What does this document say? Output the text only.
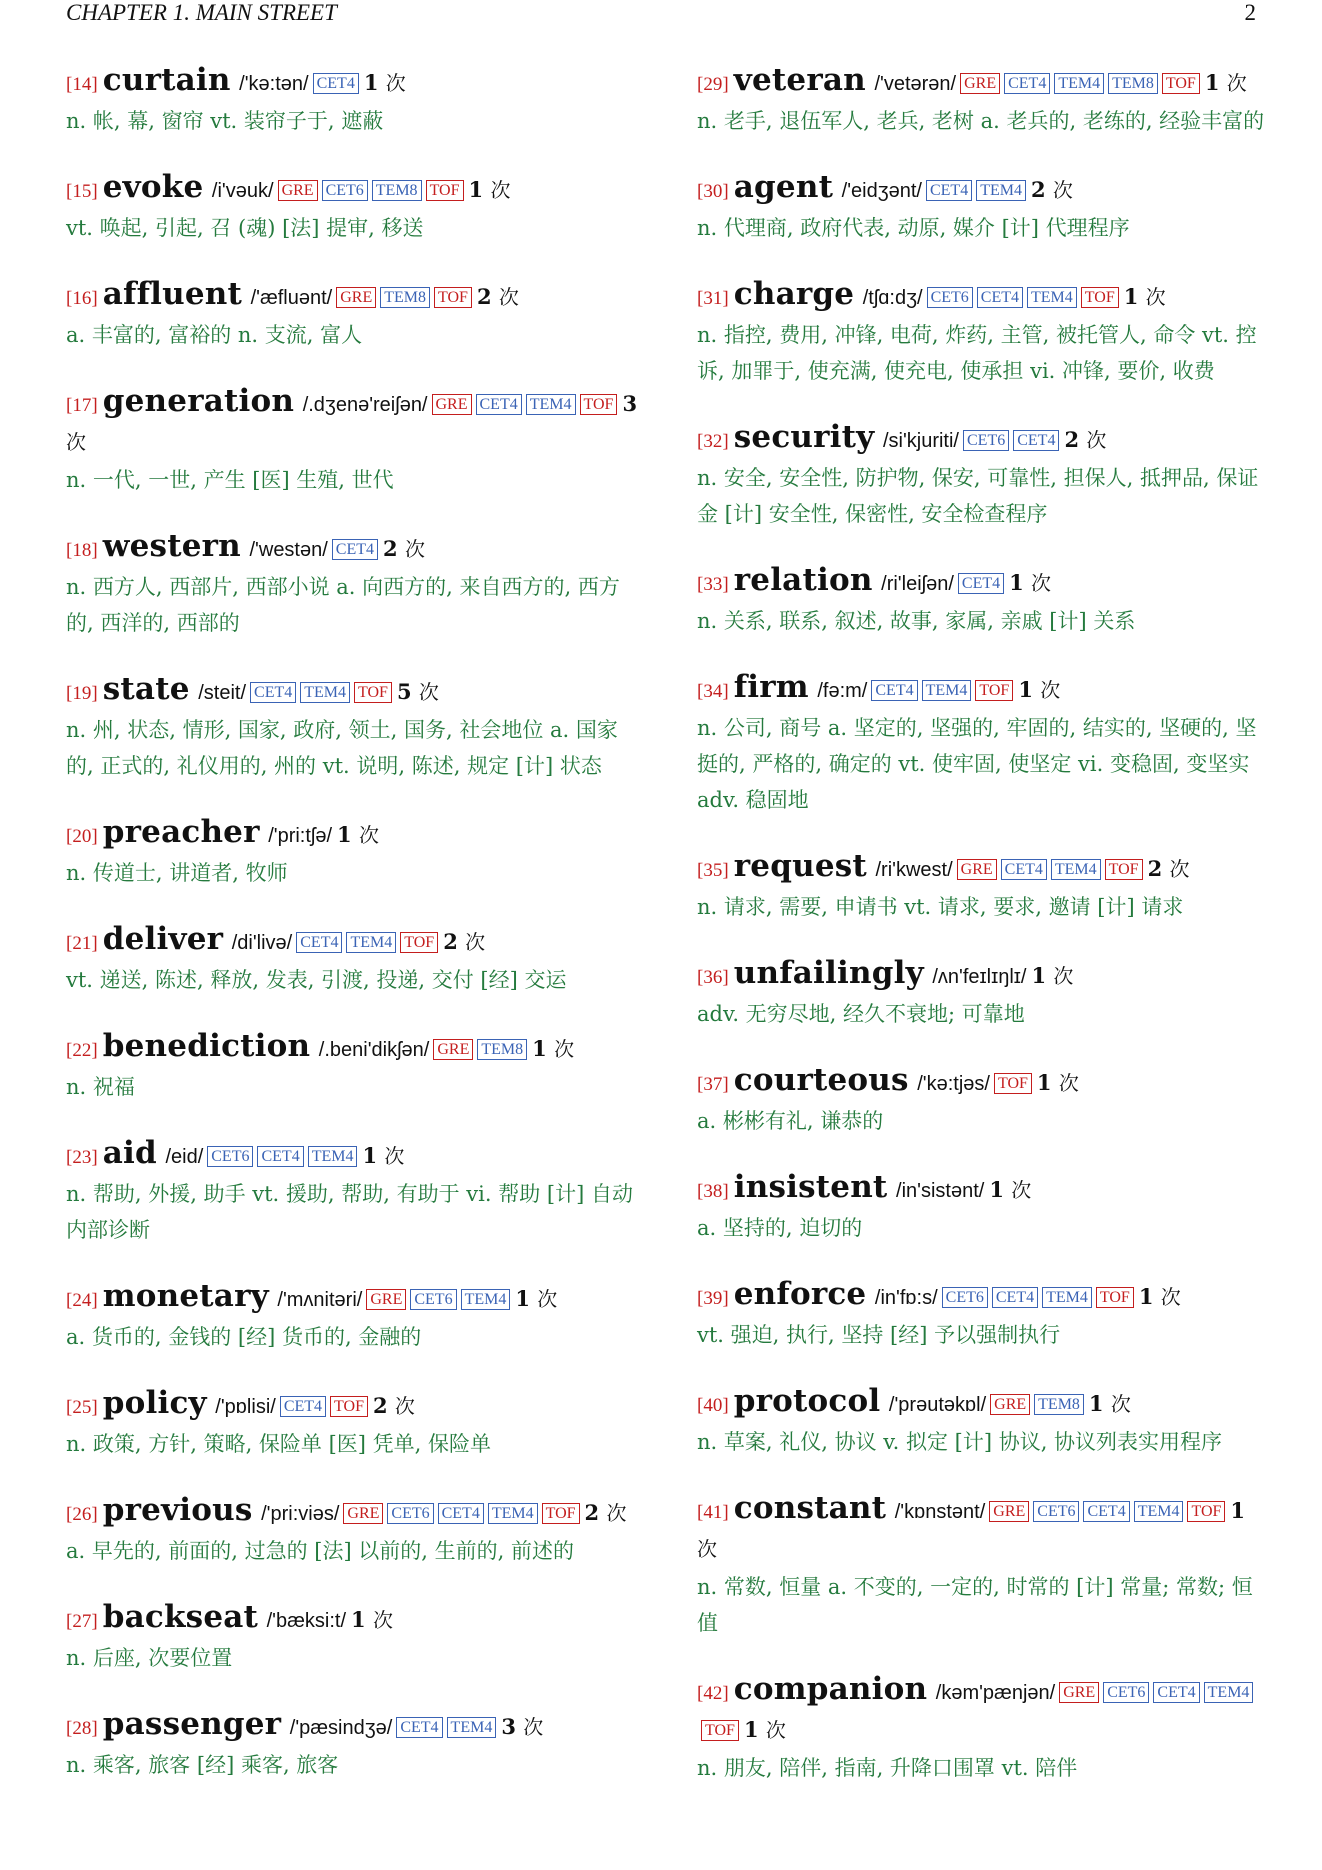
CHAPTER 1. MAIN STREET	2
[14] curtain /'kə:tən/ CET4 1 次
n. 帐, 幕, 窗帘 vt. 装帘子于, 遮蔽
[15] evoke /i'vəuk/ GRE CET6 TEM8 TOF 1 次
vt. 唤起, 引起, 召 (魂) [法] 提审, 移送
[16] affluent /'æfluənt/ GRE TEM8 TOF 2 次
a. 丰富的, 富裕的 n. 支流, 富人
[17] generation /.dʒenə'reiʃən/ GRE CET4 TEM4 TOF 3 次
n. 一代, 一世, 产生 [医] 生殖, 世代
[18] western /'westən/ CET4 2 次
n. 西方人, 西部片, 西部小说 a. 向西方的, 来自西方的, 西方的, 西洋的, 西部的
[19] state /steit/ CET4 TEM4 TOF 5 次
n. 州, 状态, 情形, 国家, 政府, 领土, 国务, 社会地位 a. 国家的, 正式的, 礼仪用的, 州的 vt. 说明, 陈述, 规定 [计] 状态
[20] preacher /'pri:tʃə/ 1 次
n. 传道士, 讲道者, 牧师
[21] deliver /di'livə/ CET4 TEM4 TOF 2 次
vt. 递送, 陈述, 释放, 发表, 引渡, 投递, 交付 [经] 交运
[22] benediction /.beni'dikʃən/ GRE TEM8 1 次
n. 祝福
[23] aid /eid/ CET6 CET4 TEM4 1 次
n. 帮助, 外援, 助手 vt. 援助, 帮助, 有助于 vi. 帮助 [计] 自动内部诊断
[24] monetary /'mʌnitəri/ GRE CET6 TEM4 1 次
a. 货币的, 金钱的 [经] 货币的, 金融的
[25] policy /'pɒlisi/ CET4 TOF 2 次
n. 政策, 方针, 策略, 保险单 [医] 凭单, 保险单
[26] previous /'pri:viəs/ GRE CET6 CET4 TEM4 TOF 2 次
a. 早先的, 前面的, 过急的 [法] 以前的, 生前的, 前述的
[27] backseat /'bæksi:t/ 1 次
n. 后座, 次要位置
[28] passenger /'pæsindʒə/ CET4 TEM4 3 次
n. 乘客, 旅客 [经] 乘客, 旅客
[29] veteran /'vetərən/ GRE CET4 TEM4 TEM8 TOF 1 次
n. 老手, 退伍军人, 老兵, 老树 a. 老兵的, 老练的, 经验丰富的
[30] agent /'eidʒənt/ CET4 TEM4 2 次
n. 代理商, 政府代表, 动原, 媒介 [计] 代理程序
[31] charge /tʃɑ:dʒ/ CET6 CET4 TEM4 TOF 1 次
n. 指控, 费用, 冲锋, 电荷, 炸药, 主管, 被托管人, 命令 vt. 控诉, 加罪于, 使充满, 使充电, 使承担 vi. 冲锋, 要价, 收费
[32] security /si'kjuriti/ CET6 CET4 2 次
n. 安全, 安全性, 防护物, 保安, 可靠性, 担保人, 抵押品, 保证金 [计] 安全性, 保密性, 安全检查程序
[33] relation /ri'leiʃən/ CET4 1 次
n. 关系, 联系, 叙述, 故事, 家属, 亲戚 [计] 关系
[34] firm /fə:m/ CET4 TEM4 TOF 1 次
n. 公司, 商号 a. 坚定的, 坚强的, 牢固的, 结实的, 坚硬的, 坚挺的, 严格的, 确定的 vt. 使牢固, 使坚定 vi. 变稳固, 变坚实 adv. 稳固地
[35] request /ri'kwest/ GRE CET4 TEM4 TOF 2 次
n. 请求, 需要, 申请书 vt. 请求, 要求, 邀请 [计] 请求
[36] unfailingly /ʌn'feɪlɪŋlɪ/ 1 次
adv. 无穷尽地, 经久不衰地; 可靠地
[37] courteous /'kə:tjəs/ TOF 1 次
a. 彬彬有礼, 谦恭的
[38] insistent /in'sistənt/ 1 次
a. 坚持的, 迫切的
[39] enforce /in'fɒ:s/ CET6 CET4 TEM4 TOF 1 次
vt. 强迫, 执行, 坚持 [经] 予以强制执行
[40] protocol /'prəutəkɒl/ GRE TEM8 1 次
n. 草案, 礼仪, 协议 v. 拟定 [计] 协议, 协议列表实用程序
[41] constant /'kɒnstənt/ GRE CET6 CET4 TEM4 TOF 1 次
n. 常数, 恒量 a. 不变的, 一定的, 时常的 [计] 常量; 常数; 恒值
[42] companion /kəm'pænjən/ GRE CET6 CET4 TEM4TOF 1 次
n. 朋友, 陪伴, 指南, 升降口围罩 vt. 陪伴
